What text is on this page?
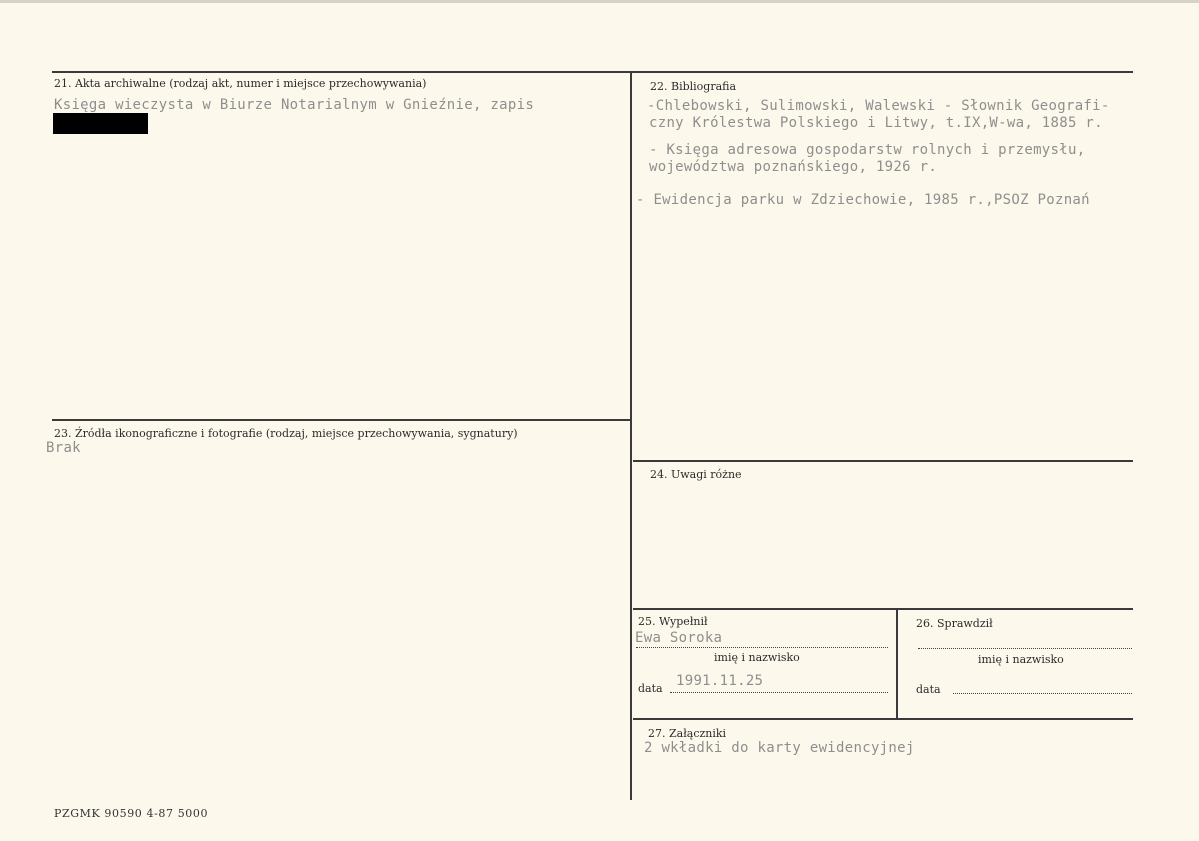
21. Akta archiwalne (rodzaj akt, numer i miejsce przechowywania)
Księga wieczysta w Biurze Notarialnym w Gnieźnie, zapis
22. Bibliografia
-Chlebowski, Sulimowski, Walewski - Słownik Geografi-
czny Królestwa Polskiego i Litwy, t.IX,W-wa, 1885 r.
- Księga adresowa gospodarstw rolnych i przemysłu,
województwa poznańskiego, 1926 r.
- Ewidencja parku w Zdziechowie, 1985 r.,PSOZ Poznań
23. Źródła ikonograficzne i fotografie (rodzaj, miejsce przechowywania, sygnatury)
Brak
24. Uwagi różne
25. Wypełnił
Ewa Soroka
imię i nazwisko
data 1991.11.25
26. Sprawdził
imię i nazwisko
data
27. Załączniki
2 wkładki do karty ewidencyjnej
PZGMK 90590 4-87 5000
